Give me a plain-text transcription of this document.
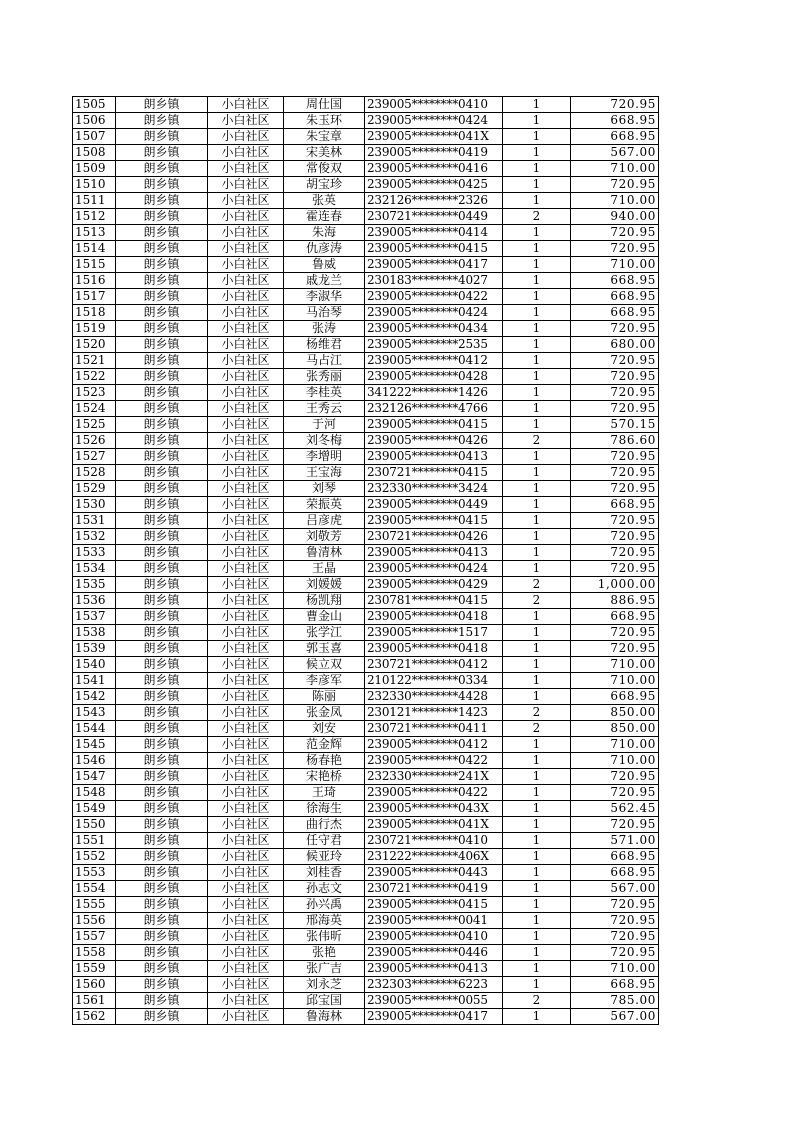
1505	朗乡镇	小白社区	周仕国	239005********0410	1	720.95
1506	朗乡镇	小白社区	朱玉环	239005********0424	1	668.95
1507	朗乡镇	小白社区	朱宝章	239005********041X	1	668.95
1508	朗乡镇	小白社区	宋美林	239005********0419	1	567.00
1509	朗乡镇	小白社区	常俊双	239005********0416	1	710.00
1510	朗乡镇	小白社区	胡宝珍	239005********0425	1	720.95
1511	朗乡镇	小白社区	张英	232126********2326	1	710.00
1512	朗乡镇	小白社区	霍连春	230721********0449	2	940.00
1513	朗乡镇	小白社区	朱海	239005********0414	1	720.95
1514	朗乡镇	小白社区	仇彦涛	239005********0415	1	720.95
1515	朗乡镇	小白社区	鲁威	239005********0417	1	710.00
1516	朗乡镇	小白社区	戚龙兰	230183********4027	1	668.95
1517	朗乡镇	小白社区	李淑华	239005********0422	1	668.95
1518	朗乡镇	小白社区	马治琴	239005********0424	1	668.95
1519	朗乡镇	小白社区	张涛	239005********0434	1	720.95
1520	朗乡镇	小白社区	杨维君	239005********2535	1	680.00
1521	朗乡镇	小白社区	马占江	239005********0412	1	720.95
1522	朗乡镇	小白社区	张秀丽	239005********0428	1	720.95
1523	朗乡镇	小白社区	李桂英	341222********1426	1	720.95
1524	朗乡镇	小白社区	王秀云	232126********4766	1	720.95
1525	朗乡镇	小白社区	于河	239005********0415	1	570.15
1526	朗乡镇	小白社区	刘冬梅	239005********0426	2	786.60
1527	朗乡镇	小白社区	李增明	239005********0413	1	720.95
1528	朗乡镇	小白社区	王宝海	230721********0415	1	720.95
1529	朗乡镇	小白社区	刘琴	232330********3424	1	720.95
1530	朗乡镇	小白社区	荣振英	239005********0449	1	668.95
1531	朗乡镇	小白社区	吕彦虎	239005********0415	1	720.95
1532	朗乡镇	小白社区	刘敬芳	230721********0426	1	720.95
1533	朗乡镇	小白社区	鲁清林	239005********0413	1	720.95
1534	朗乡镇	小白社区	王晶	239005********0424	1	720.95
1535	朗乡镇	小白社区	刘媛媛	239005********0429	2	1,000.00
1536	朗乡镇	小白社区	杨凯翔	230781********0415	2	886.95
1537	朗乡镇	小白社区	曹金山	239005********0418	1	668.95
1538	朗乡镇	小白社区	张学江	239005********1517	1	720.95
1539	朗乡镇	小白社区	郭玉喜	239005********0418	1	720.95
1540	朗乡镇	小白社区	候立双	230721********0412	1	710.00
1541	朗乡镇	小白社区	李彦军	210122********0334	1	710.00
1542	朗乡镇	小白社区	陈丽	232330********4428	1	668.95
1543	朗乡镇	小白社区	张金凤	230121********1423	2	850.00
1544	朗乡镇	小白社区	刘安	230721********0411	2	850.00
1545	朗乡镇	小白社区	范金辉	239005********0412	1	710.00
1546	朗乡镇	小白社区	杨春艳	239005********0422	1	710.00
1547	朗乡镇	小白社区	宋艳桥	232330********241X	1	720.95
1548	朗乡镇	小白社区	王琦	239005********0422	1	720.95
1549	朗乡镇	小白社区	徐海生	239005********043X	1	562.45
1550	朗乡镇	小白社区	曲行杰	239005********041X	1	720.95
1551	朗乡镇	小白社区	任守君	230721********0410	1	571.00
1552	朗乡镇	小白社区	候亚玲	231222********406X	1	668.95
1553	朗乡镇	小白社区	刘桂香	239005********0443	1	668.95
1554	朗乡镇	小白社区	孙志文	230721********0419	1	567.00
1555	朗乡镇	小白社区	孙兴禹	239005********0415	1	720.95
1556	朗乡镇	小白社区	邢海英	239005********0041	1	720.95
1557	朗乡镇	小白社区	张伟昕	239005********0410	1	720.95
1558	朗乡镇	小白社区	张艳	239005********0446	1	720.95
1559	朗乡镇	小白社区	张广吉	239005********0413	1	710.00
1560	朗乡镇	小白社区	刘永芝	232303********6223	1	668.95
1561	朗乡镇	小白社区	邱宝国	239005********0055	2	785.00
1562	朗乡镇	小白社区	鲁海林	239005********0417	1	567.00
